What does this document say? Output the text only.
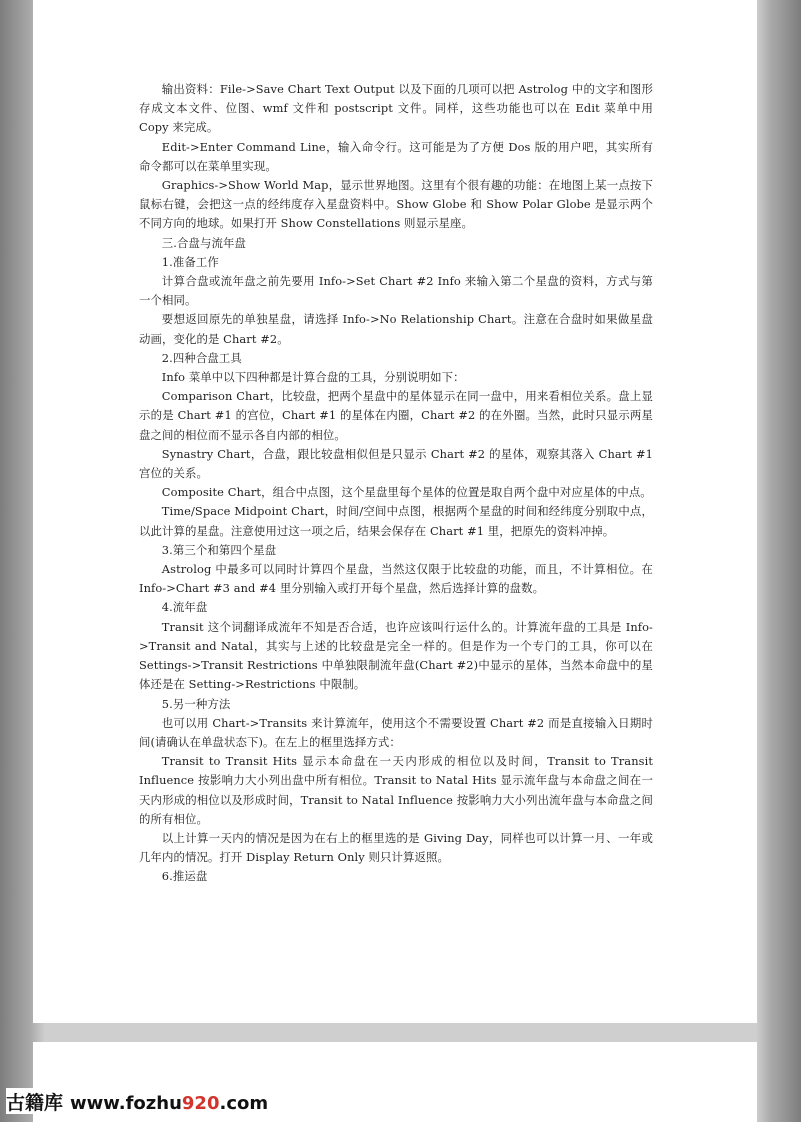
输出资料：File->Save Chart Text Output 以及下面的几项可以把 Astrolog 中的文字和图形存成文本文件、位图、wmf 文件和 postscript 文件。同样，这些功能也可以在 Edit 菜单中用 Copy 来完成。

Edit->Enter Command Line，输入命令行。这可能是为了方便 Dos 版的用户吧，其实所有命令都可以在菜单里实现。

Graphics->Show World Map，显示世界地图。这里有个很有趣的功能：在地图上某一点按下鼠标右键，会把这一点的经纬度存入星盘资料中。Show Globe 和 Show Polar Globe 是显示两个不同方向的地球。如果打开 Show Constellations 则显示星座。

三.合盘与流年盘

1.准备工作

计算合盘或流年盘之前先要用 Info->Set Chart #2 Info 来输入第二个星盘的资料，方式与第一个相同。

要想返回原先的单独星盘，请选择 Info->No Relationship Chart。注意在合盘时如果做星盘动画，变化的是 Chart #2。

2.四种合盘工具

Info 菜单中以下四种都是计算合盘的工具，分别说明如下：

Comparison Chart，比较盘，把两个星盘中的星体显示在同一盘中，用来看相位关系。盘上显示的是 Chart #1 的宫位，Chart #1 的星体在内圈，Chart #2 的在外圈。当然，此时只显示两星盘之间的相位而不显示各自内部的相位。

Synastry Chart，合盘，跟比较盘相似但是只显示 Chart #2 的星体，观察其落入 Chart #1 宫位的关系。

Composite Chart，组合中点图，这个星盘里每个星体的位置是取自两个盘中对应星体的中点。

Time/Space Midpoint Chart，时间/空间中点图，根据两个星盘的时间和经纬度分别取中点，以此计算的星盘。注意使用过这一项之后，结果会保存在 Chart #1 里，把原先的资料冲掉。

3.第三个和第四个星盘

Astrolog 中最多可以同时计算四个星盘，当然这仅限于比较盘的功能，而且，不计算相位。在 Info->Chart #3 and #4 里分别输入或打开每个星盘，然后选择计算的盘数。

4.流年盘

Transit 这个词翻译成流年不知是否合适，也许应该叫行运什么的。计算流年盘的工具是 Info->Transit and Natal，其实与上述的比较盘是完全一样的。但是作为一个专门的工具，你可以在 Settings->Transit Restrictions 中单独限制流年盘(Chart #2)中显示的星体，当然本命盘中的星体还是在 Setting->Restrictions 中限制。

5.另一种方法

也可以用 Chart->Transits 来计算流年，使用这个不需要设置 Chart #2 而是直接输入日期时间(请确认在单盘状态下)。在左上的框里选择方式：

Transit to Transit Hits 显示本命盘在一天内形成的相位以及时间，Transit to Transit Influence 按影响力大小列出盘中所有相位。Transit to Natal Hits 显示流年盘与本命盘之间在一天内形成的相位以及形成时间，Transit to Natal Influence 按影响力大小列出流年盘与本命盘之间的所有相位。

以上计算一天内的情况是因为在右上的框里选的是 Giving Day，同样也可以计算一月、一年或几年内的情况。打开 Display Return Only 则只计算返照。

6.推运盘

古籍库 www.fozhu 920 .com
